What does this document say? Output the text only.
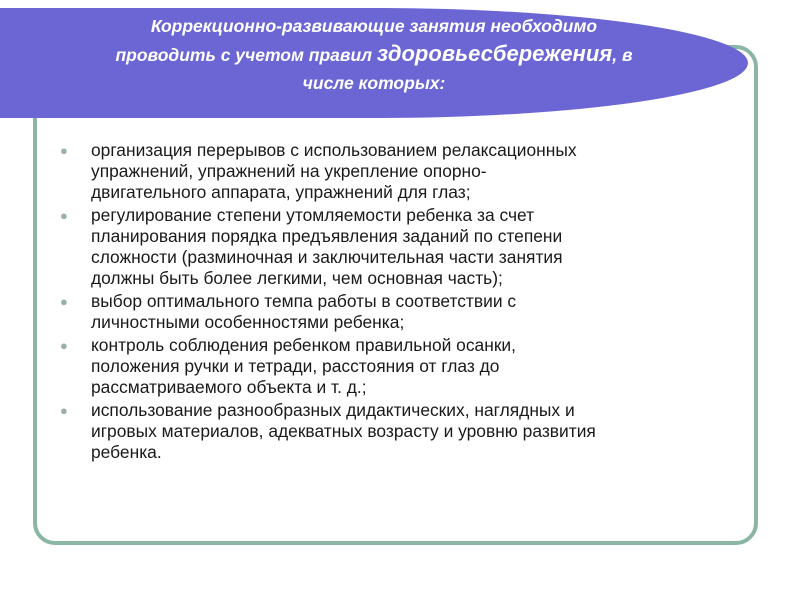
Коррекционно-развивающие занятия необходимо
проводить с учетом правил здоровьесбережения, в
числе которых:
● организация перерывов с использованием релаксационных
упражнений, упражнений на укрепление опорно-
двигательного аппарата, упражнений для глаз;
● регулирование степени утомляемости ребенка за счет
планирования порядка предъявления заданий по степени
сложности (разминочная и заключительная части занятия
должны быть более легкими, чем основная часть);
● выбор оптимального темпа работы в соответствии с
личностными особенностями ребенка;
● контроль соблюдения ребенком правильной осанки,
положения ручки и тетради, расстояния от глаз до
рассматриваемого объекта и т. д.;
● использование разнообразных дидактических, наглядных и
игровых материалов, адекватных возрасту и уровню развития
ребенка.
